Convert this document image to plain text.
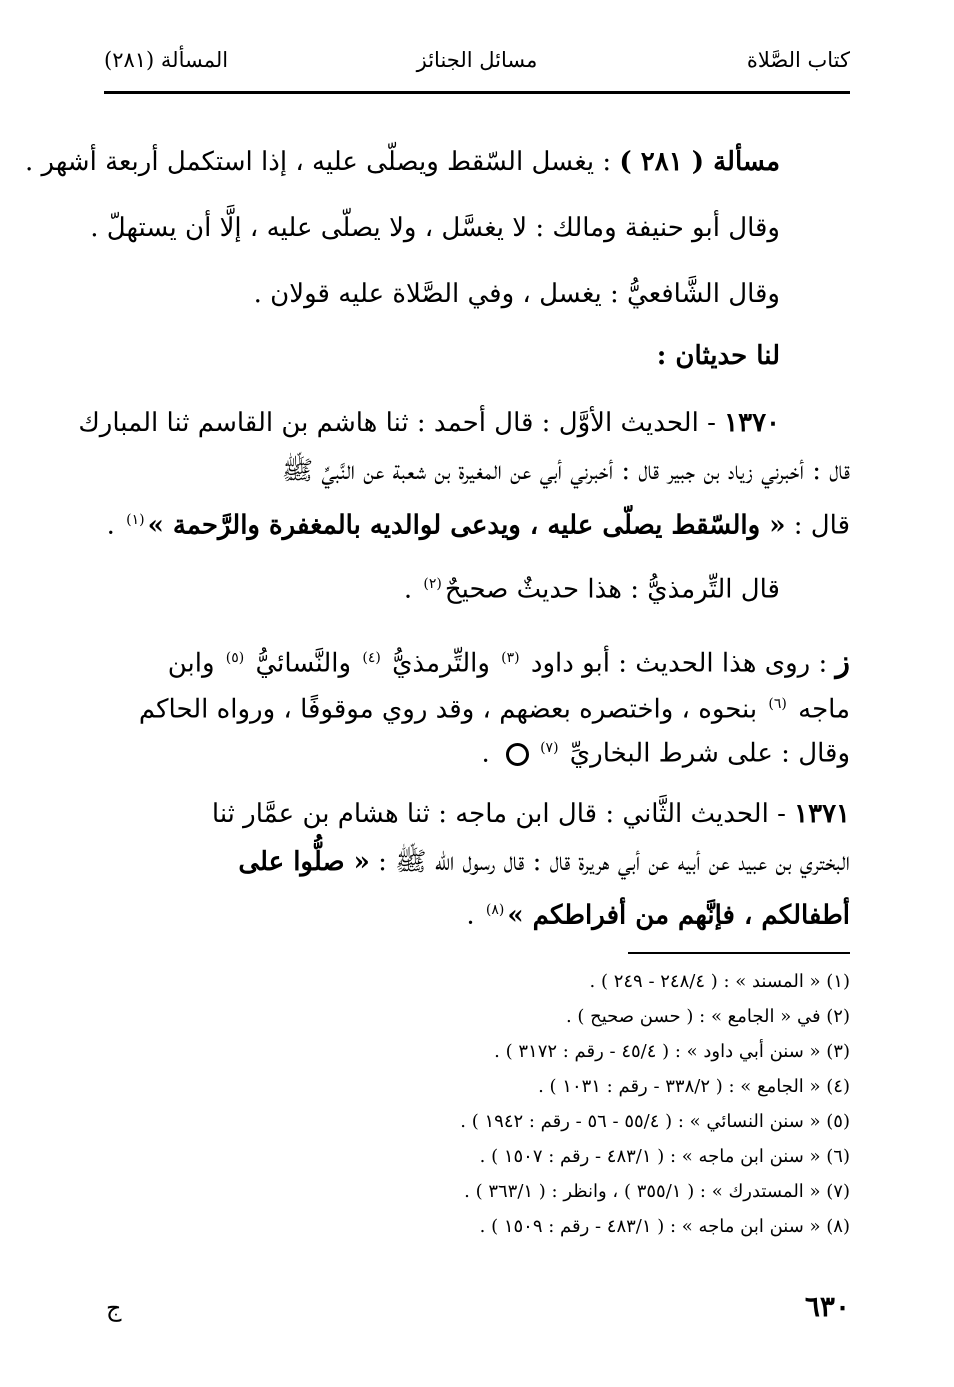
كتاب الصَّلاة
مسائل الجنائز
المسألة (٢٨١)
مسألة ( ٢٨١ ) : يغسل السّقط ويصلّى عليه ، إذا استكمل أربعة أشهر .
وقال أبو حنيفة ومالك : لا يغسَّل ، ولا يصلّى عليه ، إلَّا أن يستهلّ .
وقال الشَّافعيُّ : يغسل ، وفي الصَّلاة عليه قولان .
لنا حديثان :
١٣٧٠ - الحديث الأوَّل : قال أحمد : ثنا هاشم بن القاسم ثنا المبارك
قال : أخبرني زياد بن جبير قال : أخبرني أبي عن المغيرة بن شعبة عن النَّبيِّ ﷺ
قال : « والسّقط يصلّى عليه ، ويدعى لوالديه بالمغفرة والرَّحمة »$^{(١)}$ .
قال التِّرمذيُّ : هذا حديثٌ صحيحٌ$^{(٢)}$ .
ز : روى هذا الحديث : أبو داود $^{(٣)}$ والتِّرمذيُّ $^{(٤)}$ والنَّسائيُّ $^{(٥)}$ وابن
ماجه $^{(٦)}$ بنحوه ، واختصره بعضهم ، وقد روي موقوفًا ، ورواه الحاكم
وقال : على شرط البخاريِّ $^{(٧)}$ .
١٣٧١ - الحديث الثَّاني : قال ابن ماجه : ثنا هشام بن عمَّار ثنا
البختري بن عبيد عن أبيه عن أبي هريرة قال : قال رسول الله ﷺ : « صلُّوا على
أطفالكم ، فإنَّهم من أفراطكم »$^{(٨)}$ .
(١) « المسند » : ( ٢٤٨/٤ - ٢٤٩ ) .
(٢) في « الجامع » : ( حسن صحيح ) .
(٣) « سنن أبي داود » : ( ٤٥/٤ - رقم : ٣١٧٢ ) .
(٤) « الجامع » : ( ٣٣٨/٢ - رقم : ١٠٣١ ) .
(٥) « سنن النسائي » : ( ٥٥/٤ - ٥٦ - رقم : ١٩٤٢ ) .
(٦) « سنن ابن ماجه » : ( ٤٨٣/١ - رقم : ١٥٠٧ ) .
(٧) « المستدرك » : ( ٣٥٥/١ ) ، وانظر : ( ٣٦٣/١ ) .
(٨) « سنن ابن ماجه » : ( ٤٨٣/١ - رقم : ١٥٠٩ ) .
٦٣٠
ج
